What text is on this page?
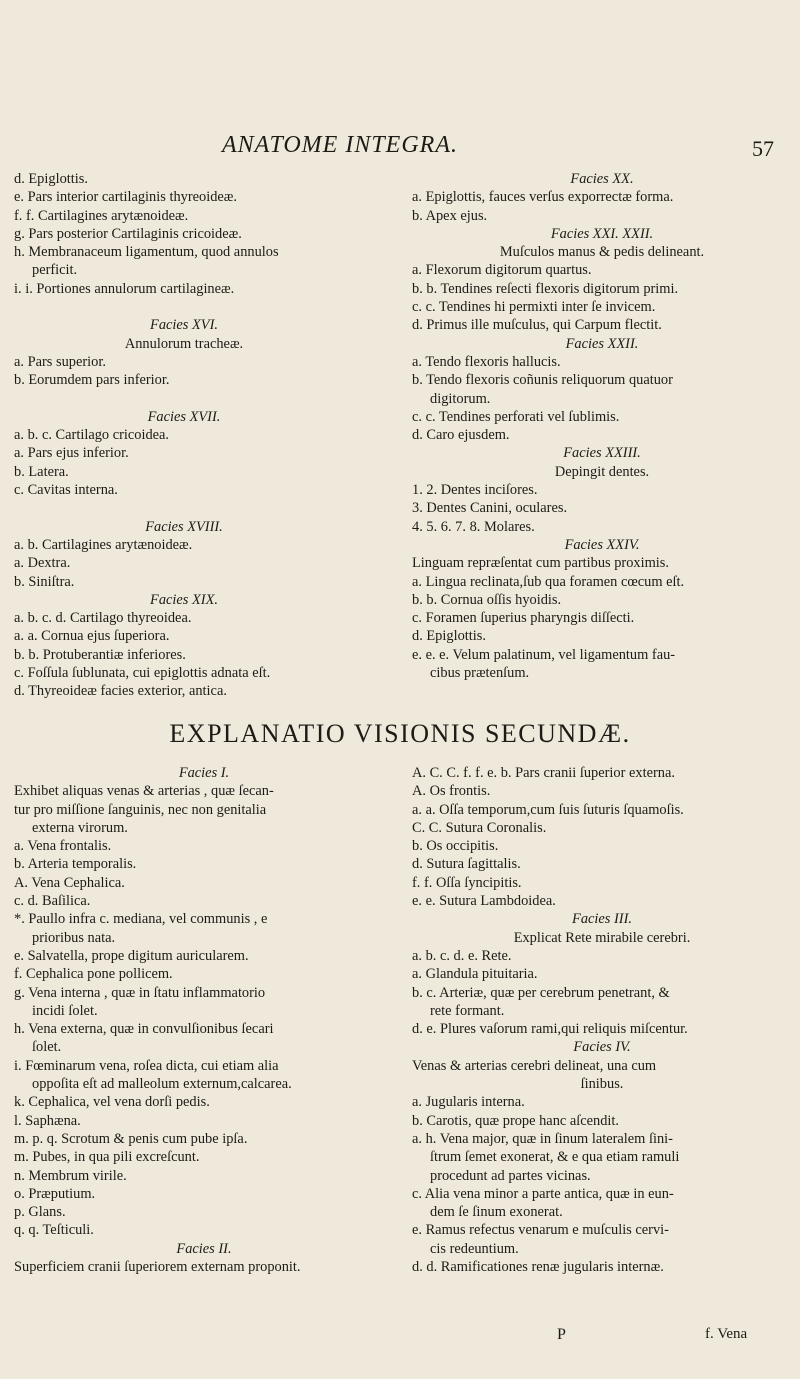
ANATOME INTEGRA.	57
d. Epiglottis.
e. Pars interior cartilaginis thyreoideæ.
f. f. Cartilagines arytænoideæ.
g. Pars posterior Cartilaginis cricoideæ.
h. Membranaceum ligamentum, quod annulos
perficit.
i. i. Portiones annulorum cartilagineæ.

Facies XVI.
Annulorum tracheæ.
a. Pars superior.
b. Eorumdem pars inferior.

Facies XVII.
a. b. c. Cartilago cricoidea.
a. Pars ejus inferior.
b. Latera.
c. Cavitas interna.

Facies XVIII.
a. b. Cartilagines arytænoideæ.
a. Dextra.
b. Siniſtra.
Facies XIX.
a. b. c. d. Cartilago thyreoidea.
a. a. Cornua ejus ſuperiora.
b. b. Protuberantiæ inferiores.
c. Foſſula ſublunata, cui epiglottis adnata eſt.
d. Thyreoideæ facies exterior, antica.
Facies XX.
a. Epiglottis, fauces verſus exporrectæ forma.
b. Apex ejus.
Facies XXI. XXII.
Muſculos manus & pedis delineant.
a. Flexorum digitorum quartus.
b. b. Tendines reſecti flexoris digitorum primi.
c. c. Tendines hi permixti inter ſe invicem.
d. Primus ille muſculus, qui Carpum flectit.
Facies XXII.
a. Tendo flexoris hallucis.
b. Tendo flexoris coñunis reliquorum quatuor
digitorum.
c. c. Tendines perforati vel ſublimis.
d. Caro ejusdem.
Facies XXIII.
Depingit dentes.
1. 2. Dentes inciſores.
3. Dentes Canini, oculares.
4. 5. 6. 7. 8. Molares.
Facies XXIV.
Linguam repræſentat cum partibus proximis.
a. Lingua reclinata,ſub qua foramen cœcum eſt.
b. b. Cornua oſſis hyoidis.
c. Foramen ſuperius pharyngis diſſecti.
d. Epiglottis.
e. e. e. Velum palatinum, vel ligamentum fau-
cibus prætenſum.
EXPLANATIO VISIONIS SECUNDÆ.
Facies I.
Exhibet aliquas venas & arterias , quæ ſecan-
tur pro miſſione ſanguinis, nec non genitalia
externa virorum.
a. Vena frontalis.
b. Arteria temporalis.
A. Vena Cephalica.
c. d. Baſilica.
*. Paullo infra c. mediana, vel communis , e
prioribus nata.
e. Salvatella, prope digitum auricularem.
f. Cephalica pone pollicem.
g. Vena interna , quæ in ſtatu inflammatorio
incidi ſolet.
h. Vena externa, quæ in convulſionibus ſecari
ſolet.
i. Fœminarum vena, roſea dicta, cui etiam alia
oppoſita eſt ad malleolum externum,calcarea.
k. Cephalica, vel vena dorſi pedis.
l. Saphæna.
m. p. q. Scrotum & penis cum pube ipſa.
m. Pubes, in qua pili excreſcunt.
n. Membrum virile.
o. Præputium.
p. Glans.
q. q. Teſticuli.
Facies II.
Superficiem cranii ſuperiorem externam proponit.
A. C. C. f. f. e. b. Pars cranii ſuperior externa.
A. Os frontis.
a. a. Oſſa temporum,cum ſuis ſuturis ſquamoſis.
C. C. Sutura Coronalis.
b. Os occipitis.
d. Sutura ſagittalis.
f. f. Oſſa ſyncipitis.
e. e. Sutura Lambdoidea.
Facies III.
Explicat Rete mirabile cerebri.
a. b. c. d. e. Rete.
a. Glandula pituitaria.
b. c. Arteriæ, quæ per cerebrum penetrant, &
rete formant.
d. e. Plures vaſorum rami,qui reliquis miſcentur.
Facies IV.
Venas & arterias cerebri delineat, una cum
ſinibus.
a. Jugularis interna.
b. Carotis, quæ prope hanc aſcendit.
a. h. Vena major, quæ in ſinum lateralem ſini-
ſtrum ſemet exonerat, & e qua etiam ramuli
procedunt ad partes vicinas.
c. Alia vena minor a parte antica, quæ in eun-
dem ſe ſinum exonerat.
e. Ramus refectus venarum e muſculis cervi-
cis redeuntium.
d. d. Ramificationes renæ jugularis internæ.
P	f. Vena
